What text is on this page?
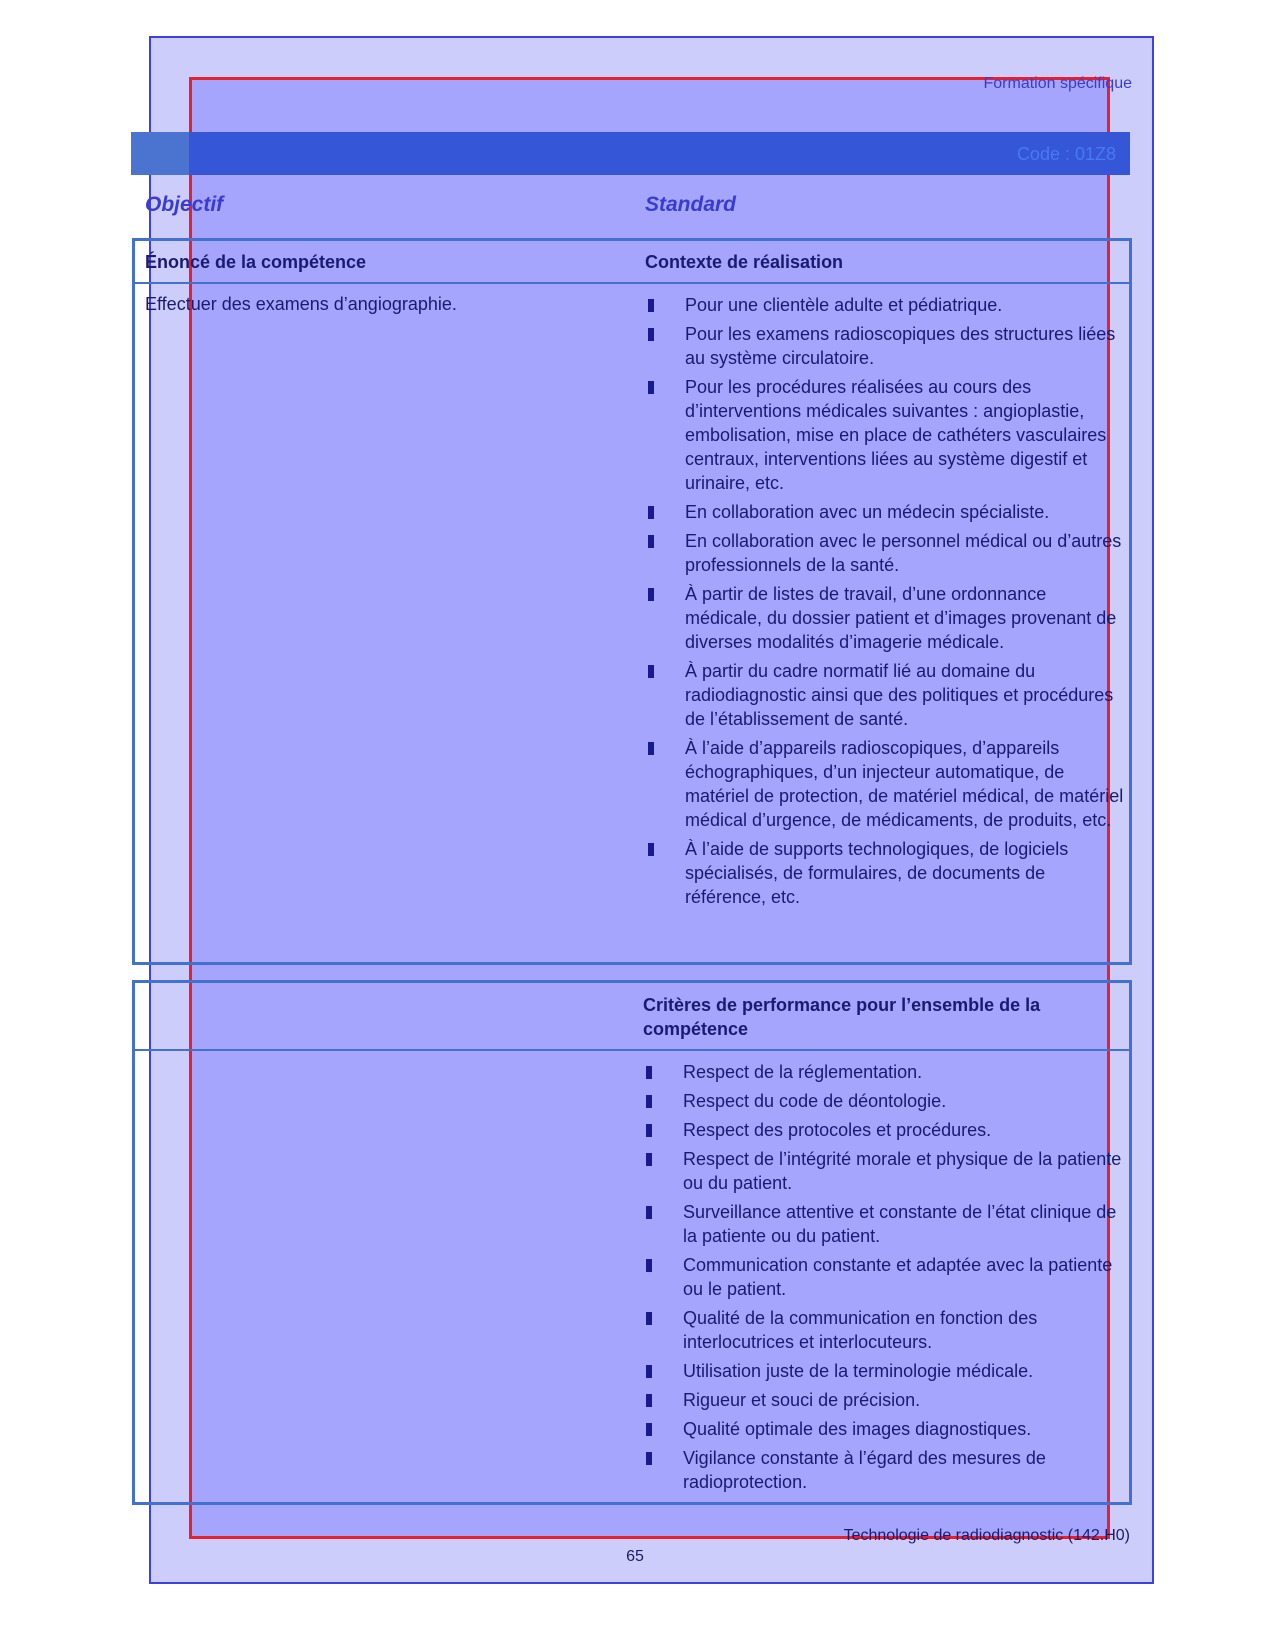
Formation spécifique
Code : 01Z8
Objectif	Standard
Énoncé de la compétence	Contexte de réalisation
Effectuer des examens d’angiographie.	Pour une clientèle adulte et pédiatrique.
Pour les examens radioscopiques des structures liées au système circulatoire.
Pour les procédures réalisées au cours des d’interventions médicales suivantes : angioplastie, embolisation, mise en place de cathéters vasculaires centraux, interventions liées au système digestif et urinaire, etc.
En collaboration avec un médecin spécialiste.
En collaboration avec le personnel médical ou d’autres professionnels de la santé.
À partir de listes de travail, d’une ordonnance médicale, du dossier patient et d’images provenant de diverses modalités d’imagerie médicale.
À partir du cadre normatif lié au domaine du radiodiagnostic ainsi que des politiques et procédures de l’établissement de santé.
À l’aide d’appareils radioscopiques, d’appareils échographiques, d’un injecteur automatique, de matériel de protection, de matériel médical, de matériel médical d’urgence, de médicaments, de produits, etc.
À l’aide de supports technologiques, de logiciels spécialisés, de formulaires, de documents de référence, etc.
Critères de performance pour l’ensemble de la compétence
Respect de la réglementation.
Respect du code de déontologie.
Respect des protocoles et procédures.
Respect de l’intégrité morale et physique de la patiente ou du patient.
Surveillance attentive et constante de l’état clinique de la patiente ou du patient.
Communication constante et adaptée avec la patiente ou le patient.
Qualité de la communication en fonction des interlocutrices et interlocuteurs.
Utilisation juste de la terminologie médicale.
Rigueur et souci de précision.
Qualité optimale des images diagnostiques.
Vigilance constante à l’égard des mesures de radioprotection.
Technologie de radiodiagnostic (142.H0)
65
